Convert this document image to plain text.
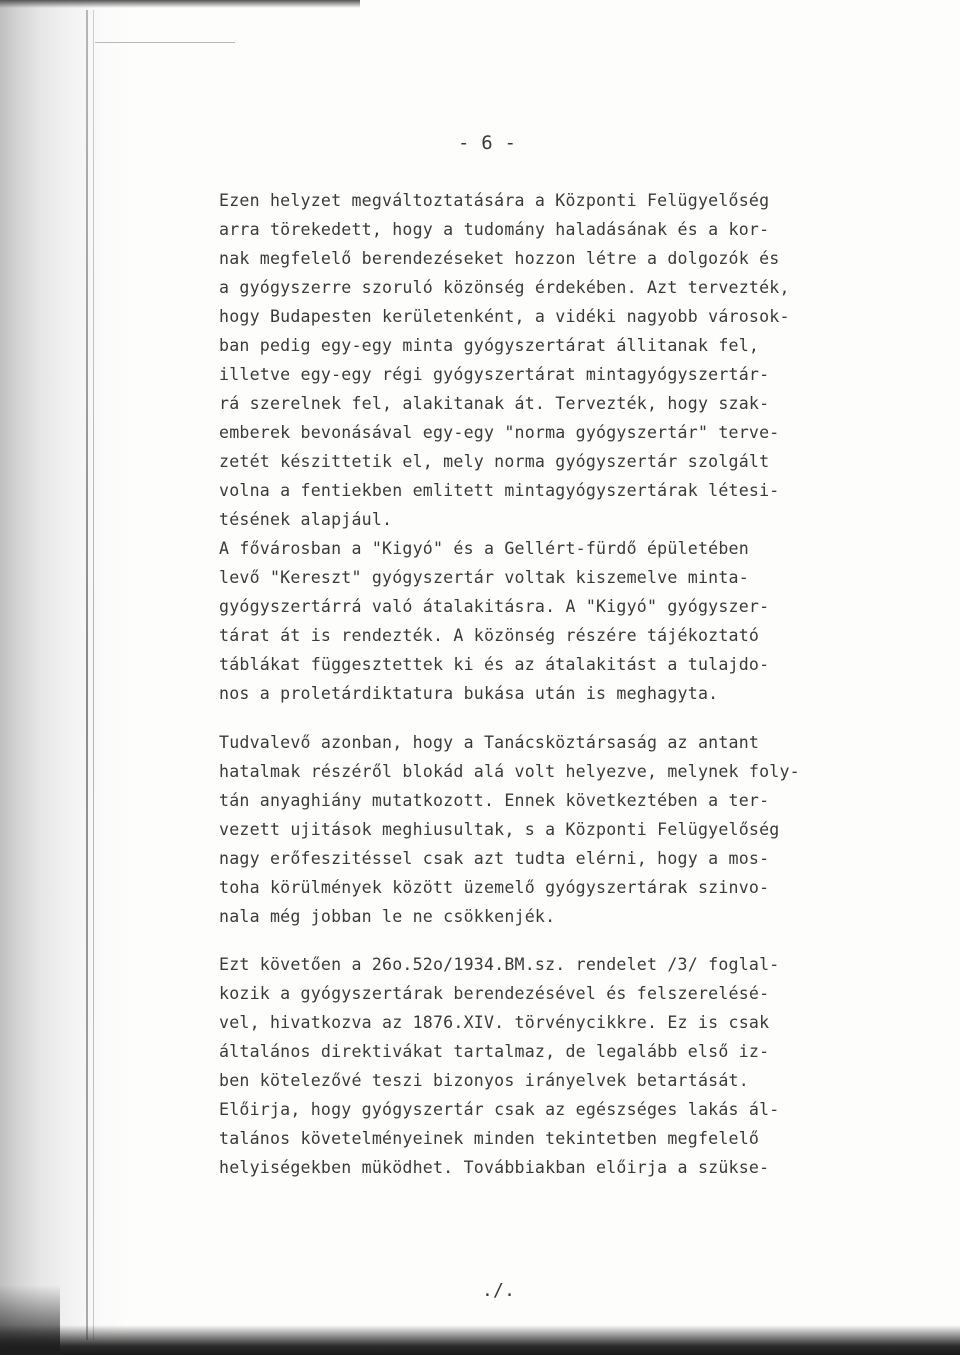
- 6 -
Ezen helyzet megváltoztatására a Központi Felügyelőség
arra törekedett, hogy a tudomány haladásának és a kor-
nak megfelelő berendezéseket hozzon létre a dolgozók és
a gyógyszerre szoruló közönség érdekében. Azt tervezték,
hogy Budapesten kerületenként, a vidéki nagyobb városok-
ban pedig egy-egy minta gyógyszertárat állitanak fel,
illetve egy-egy régi gyógyszertárat mintagyógyszertár-
rá szerelnek fel, alakitanak át. Tervezték, hogy szak-
emberek bevonásával egy-egy "norma gyógyszertár" terve-
zetét készittetik el, mely norma gyógyszertár szolgált
volna a fentiekben emlitett mintagyógyszertárak létesi-
tésének alapjául.
A fővárosban a "Kigyó" és a Gellért-fürdő épületében
levő "Kereszt" gyógyszertár voltak kiszemelve minta-
gyógyszertárrá való átalakitásra. A "Kigyó" gyógyszer-
tárat át is rendezték. A közönség részére tájékoztató
táblákat függesztettek ki és az átalakitást a tulajdo-
nos a proletárdiktatura bukása után is meghagyta.
Tudvalevő azonban, hogy a Tanácsköztársaság az antant
hatalmak részéről blokád alá volt helyezve, melynek foly-
tán anyaghiány mutatkozott. Ennek következtében a ter-
vezett ujitások meghiusultak, s a Központi Felügyelőség
nagy erőfeszitéssel csak azt tudta elérni, hogy a mos-
toha körülmények között üzemelő gyógyszertárak szinvo-
nala még jobban le ne csökkenjék.
Ezt követően a 26o.52o/1934.BM.sz. rendelet /3/ foglal-
kozik a gyógyszertárak berendezésével és felszerelésé-
vel, hivatkozva az 1876.XIV. törvénycikkre. Ez is csak
általános direktivákat tartalmaz, de legalább első iz-
ben kötelezővé teszi bizonyos irányelvek betartását.
Előirja, hogy gyógyszertár csak az egészséges lakás ál-
talános követelményeinek minden tekintetben megfelelő
helyiségekben müködhet. Továbbiakban előirja a szükse-
./.
